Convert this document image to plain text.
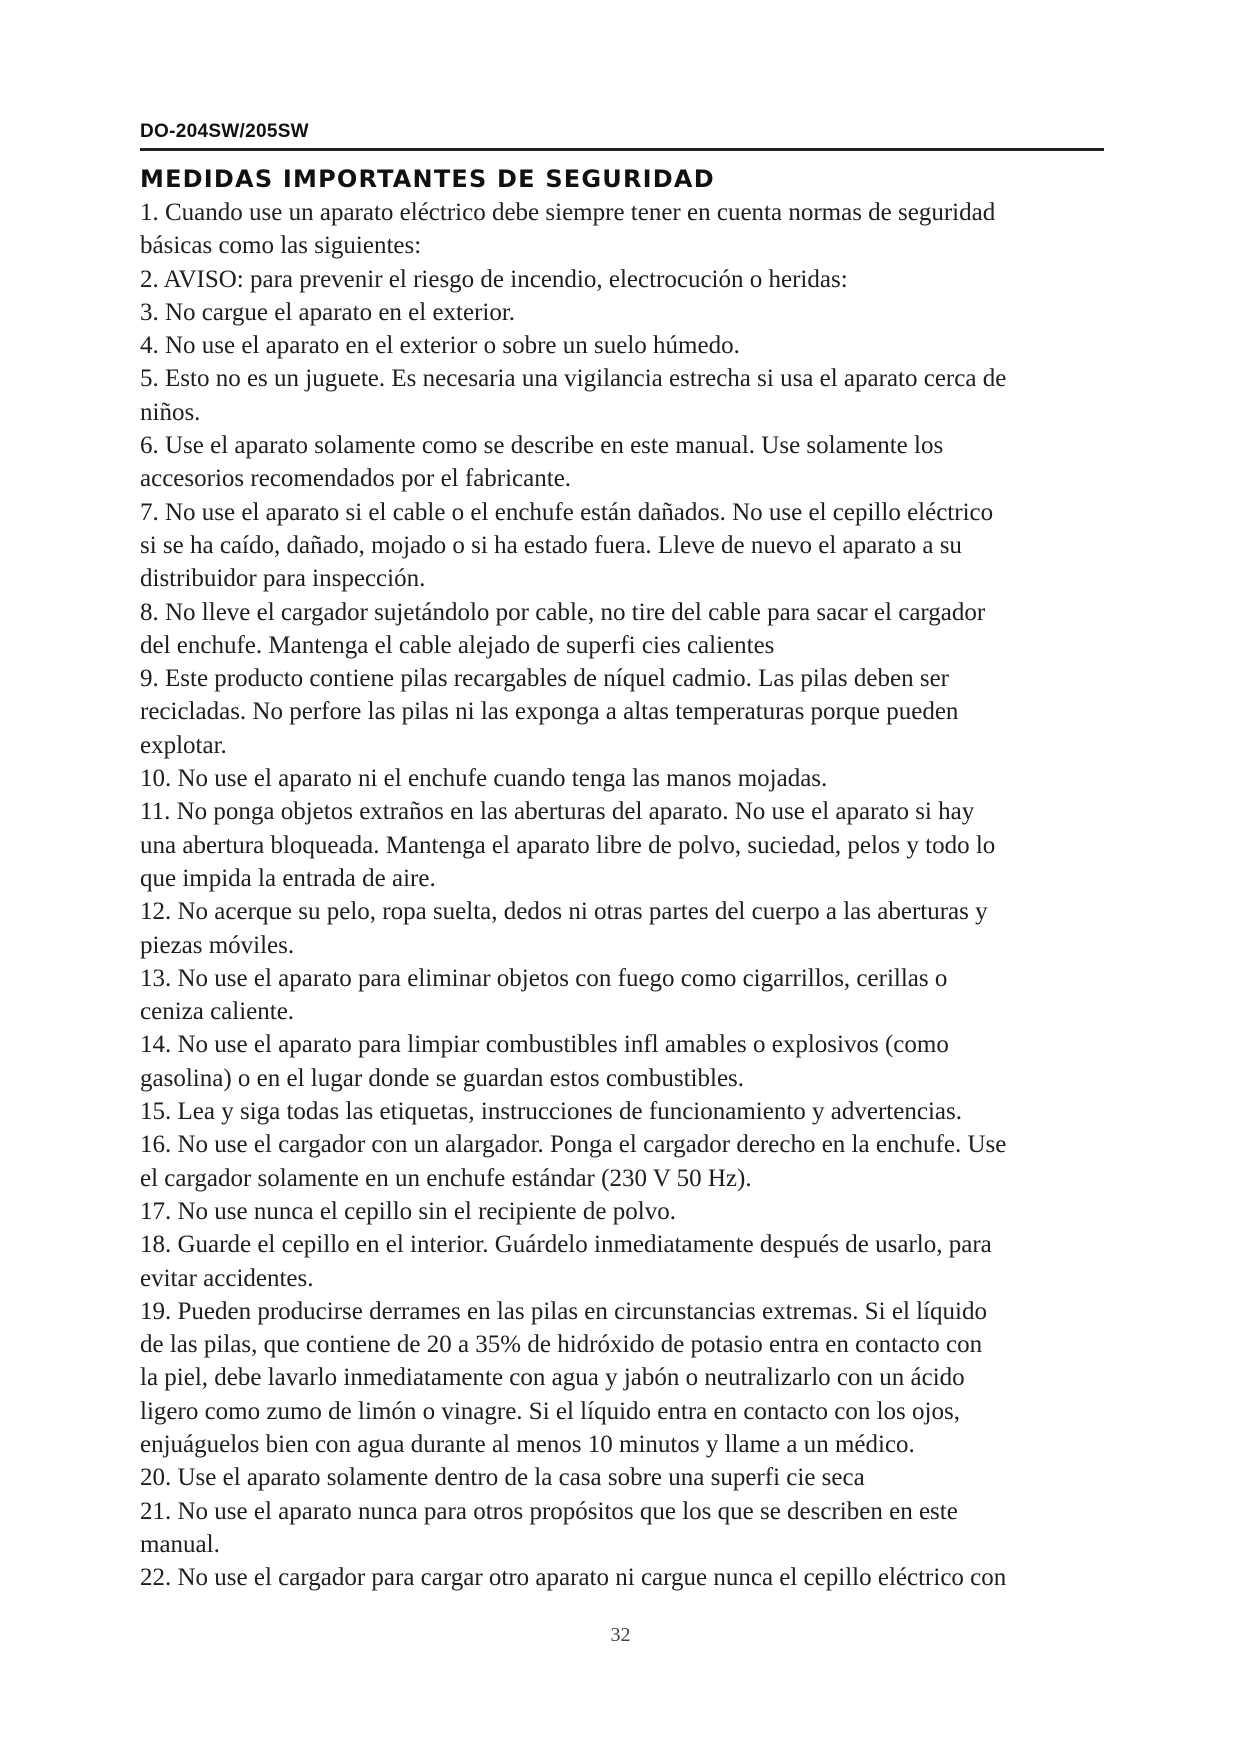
DO-204SW/205SW
MEDIDAS IMPORTANTES DE SEGURIDAD
1. Cuando use un aparato eléctrico debe siempre tener en cuenta normas de seguridad
básicas como las siguientes:
2. AVISO: para prevenir el riesgo de incendio, electrocución o heridas:
3. No cargue el aparato en el exterior.
4. No use el aparato en el exterior o sobre un suelo húmedo.
5. Esto no es un juguete. Es necesaria una vigilancia estrecha si usa el aparato cerca de
niños.
6. Use el aparato solamente como se describe en este manual. Use solamente los
accesorios recomendados por el fabricante.
7. No use el aparato si el cable o el enchufe están dañados. No use el cepillo eléctrico
si se ha caído, dañado, mojado o si ha estado fuera. Lleve de nuevo el aparato a su
distribuidor para inspección.
8. No lleve el cargador sujetándolo por cable, no tire del cable para sacar el cargador
del enchufe. Mantenga el cable alejado de superfi cies calientes
9. Este producto contiene pilas recargables de níquel cadmio. Las pilas deben ser
recicladas. No perfore las pilas ni las exponga a altas temperaturas porque pueden
explotar.
10. No use el aparato ni el enchufe cuando tenga las manos mojadas.
11. No ponga objetos extraños en las aberturas del aparato. No use el aparato si hay
una abertura bloqueada. Mantenga el aparato libre de polvo, suciedad, pelos y todo lo
que impida la entrada de aire.
12. No acerque su pelo, ropa suelta, dedos ni otras partes del cuerpo a las aberturas y
piezas móviles.
13. No use el aparato para eliminar objetos con fuego como cigarrillos, cerillas o
ceniza caliente.
14. No use el aparato para limpiar combustibles infl amables o explosivos (como
gasolina) o en el lugar donde se guardan estos combustibles.
15. Lea y siga todas las etiquetas, instrucciones de funcionamiento y advertencias.
16. No use el cargador con un alargador. Ponga el cargador derecho en la enchufe. Use
el cargador solamente en un enchufe estándar (230 V 50 Hz).
17. No use nunca el cepillo sin el recipiente de polvo.
18. Guarde el cepillo en el interior. Guárdelo inmediatamente después de usarlo, para
evitar accidentes.
19. Pueden producirse derrames en las pilas en circunstancias extremas. Si el líquido
de las pilas, que contiene de 20 a 35% de hidróxido de potasio entra en contacto con
la piel, debe lavarlo inmediatamente con agua y jabón o neutralizarlo con un ácido
ligero como zumo de limón o vinagre. Si el líquido entra en contacto con los ojos,
enjuáguelos bien con agua durante al menos 10 minutos y llame a un médico.
20. Use el aparato solamente dentro de la casa sobre una superfi cie seca
21. No use el aparato nunca para otros propósitos que los que se describen en este
manual.
22. No use el cargador para cargar otro aparato ni cargue nunca el cepillo eléctrico con
32
